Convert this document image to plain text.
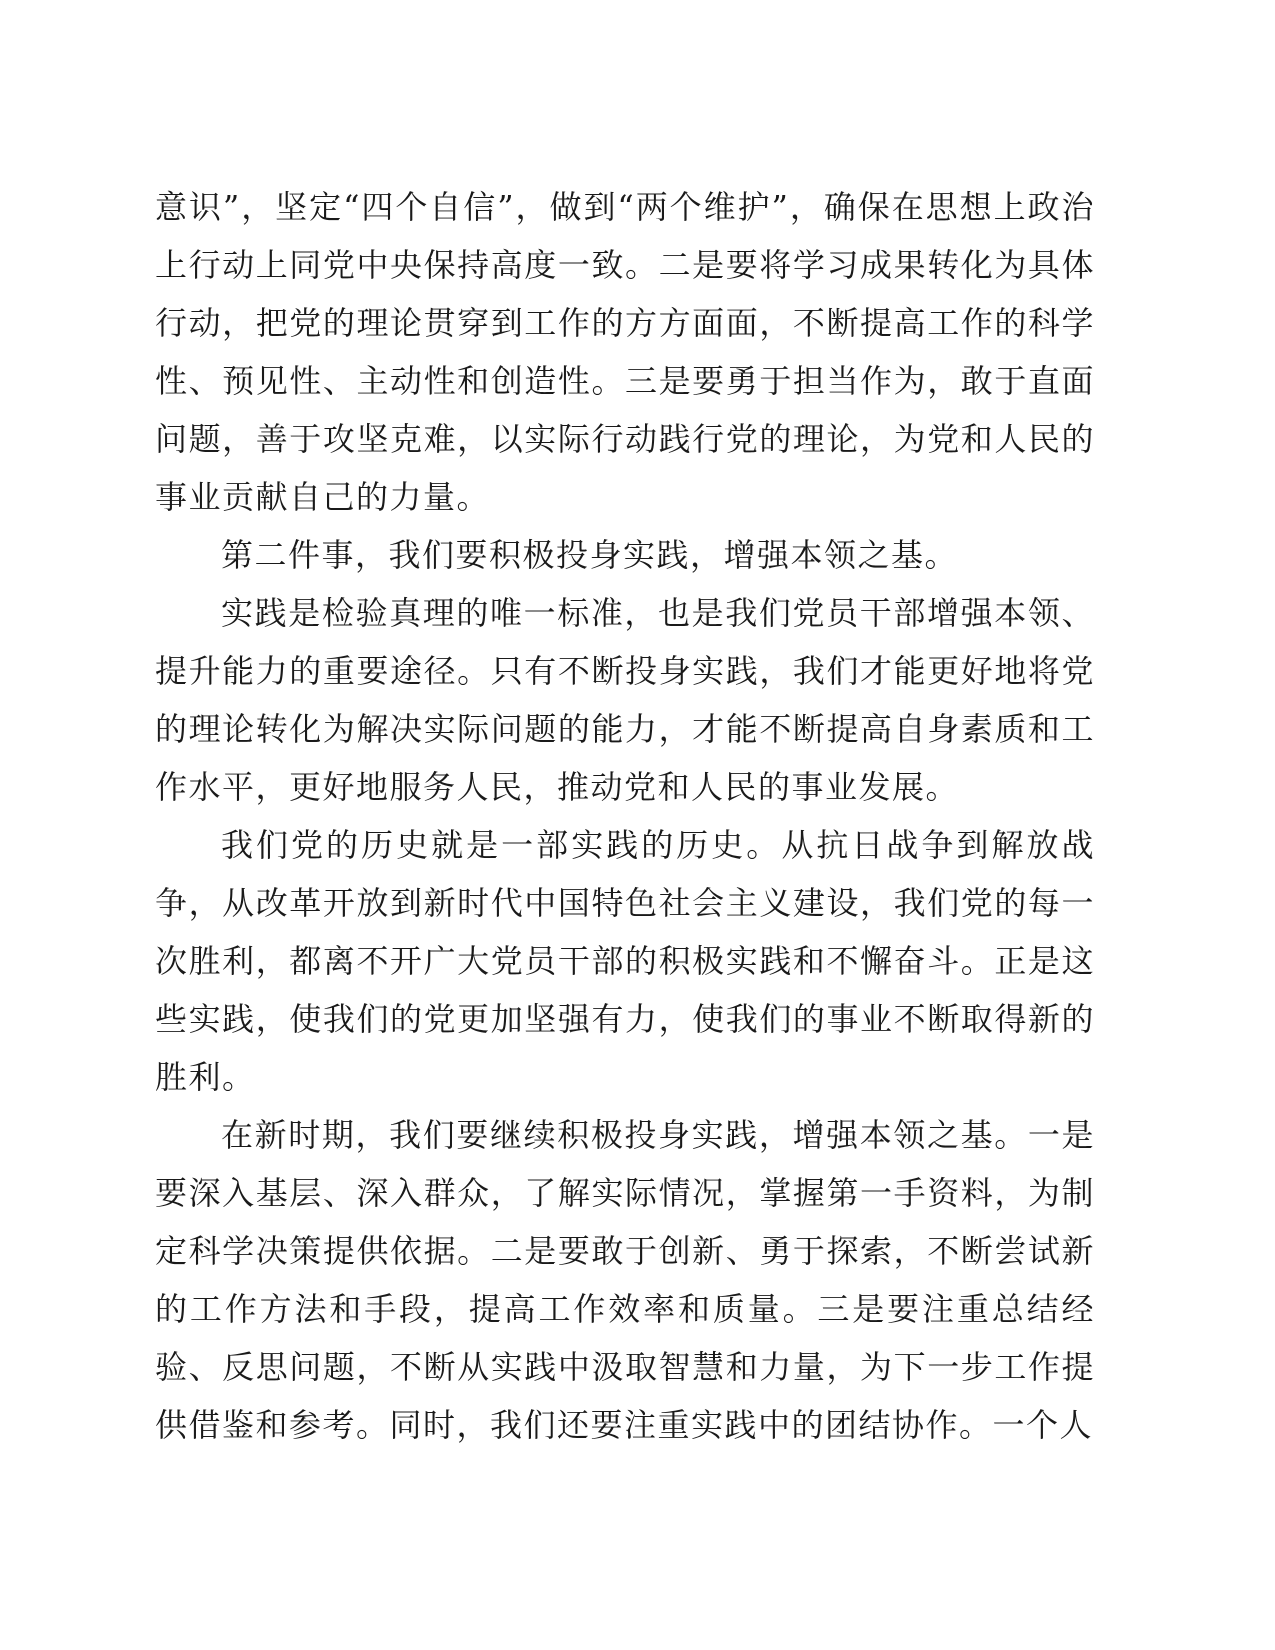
意识”，坚定“四个自信”，做到“两个维护”，确保在思想上政治上行动上同党中央保持高度一致。二是要将学习成果转化为具体行动，把党的理论贯穿到工作的方方面面，不断提高工作的科学性、预见性、主动性和创造性。三是要勇于担当作为，敢于直面问题，善于攻坚克难，以实际行动践行党的理论，为党和人民的事业贡献自己的力量。

第二件事，我们要积极投身实践，增强本领之基。

实践是检验真理的唯一标准，也是我们党员干部增强本领、提升能力的重要途径。只有不断投身实践，我们才能更好地将党的理论转化为解决实际问题的能力，才能不断提高自身素质和工作水平，更好地服务人民，推动党和人民的事业发展。

我们党的历史就是一部实践的历史。从抗日战争到解放战争，从改革开放到新时代中国特色社会主义建设，我们党的每一次胜利，都离不开广大党员干部的积极实践和不懈奋斗。正是这些实践，使我们的党更加坚强有力，使我们的事业不断取得新的胜利。

在新时期，我们要继续积极投身实践，增强本领之基。一是要深入基层、深入群众，了解实际情况，掌握第一手资料，为制定科学决策提供依据。二是要敢于创新、勇于探索，不断尝试新的工作方法和手段，提高工作效率和质量。三是要注重总结经验、反思问题，不断从实践中汲取智慧和力量，为下一步工作提供借鉴和参考。同时，我们还要注重实践中的团结协作。一个人
